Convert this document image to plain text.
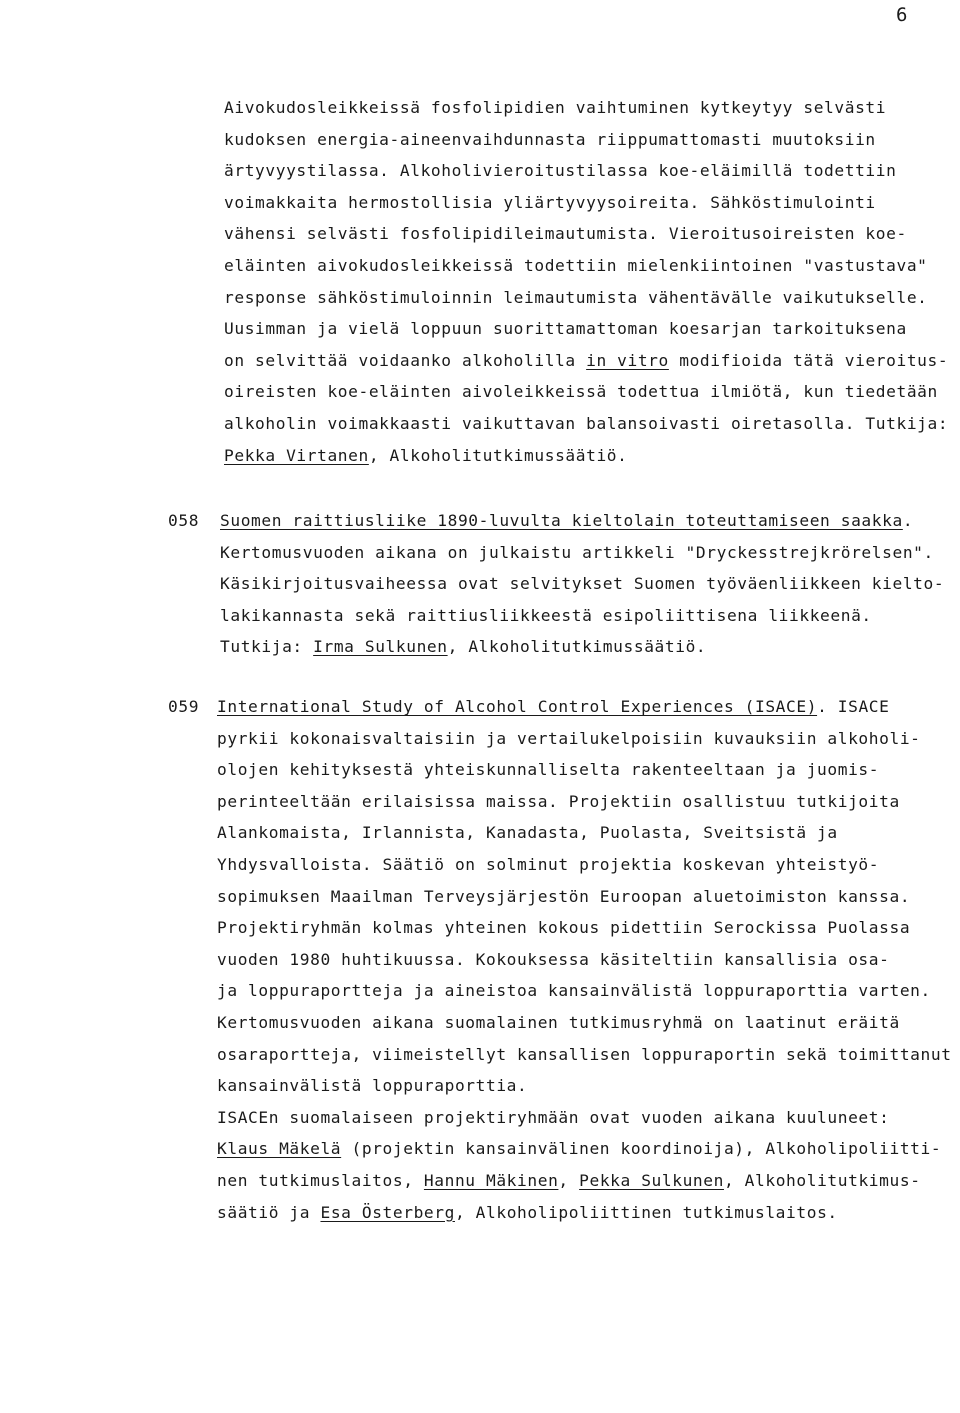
6
Aivokudosleikkeissä fosfolipidien vaihtuminen kytkeytyy selvästi
kudoksen energia-aineenvaihdunnasta riippumattomasti muutoksiin
ärtyvyystilassa. Alkoholivieroitustilassa koe-eläimillä todettiin
voimakkaita hermostollisia yliärtyvyysoireita. Sähköstimulointi
vähensi selvästi fosfolipidileimautumista. Vieroitusoireisten koe-
eläinten aivokudosleikkeissä todettiin mielenkiintoinen "vastustava"
response sähköstimuloinnin leimautumista vähentävälle vaikutukselle.
Uusimman ja vielä loppuun suorittamattoman koesarjan tarkoituksena
on selvittää voidaanko alkoholilla in vitro modifioida tätä vieroitus-
oireisten koe-eläinten aivoleikkeissä todettua ilmiötä, kun tiedetään
alkoholin voimakkaasti vaikuttavan balansoivasti oiretasolla. Tutkija:
Pekka Virtanen, Alkoholitutkimussäätiö.
058 Suomen raittiusliike 1890-luvulta kieltolain toteuttamiseen saakka.
Kertomusvuoden aikana on julkaistu artikkeli "Dryckesstrejkrörelsen".
Käsikirjoitusvaiheessa ovat selvitykset Suomen työväenliikkeen kielto-
lakikannasta sekä raittiusliikkeestä esipoliittisena liikkeenä.
Tutkija: Irma Sulkunen, Alkoholitutkimussäätiö.
059 International Study of Alcohol Control Experiences (ISACE). ISACE
pyrkii kokonaisvaltaisiin ja vertailukelpoisiin kuvauksiin alkoholi-
olojen kehityksestä yhteiskunnalliselta rakenteeltaan ja juomis-
perinteeltään erilaisissa maissa. Projektiin osallistuu tutkijoita
Alankomaista, Irlannista, Kanadasta, Puolasta, Sveitsistä ja
Yhdysvalloista. Säätiö on solminut projektia koskevan yhteistyö-
sopimuksen Maailman Terveysjärjestön Euroopan aluetoimiston kanssa.
Projektiryhmän kolmas yhteinen kokous pidettiin Serockissa Puolassa
vuoden 1980 huhtikuussa. Kokouksessa käsiteltiin kansallisia osa-
ja loppuraportteja ja aineistoa kansainvälistä loppuraporttia varten.
Kertomusvuoden aikana suomalainen tutkimusryhmä on laatinut eräitä
osaraportteja, viimeistellyt kansallisen loppuraportin sekä toimittanut
kansainvälistä loppuraporttia.
ISACEn suomalaiseen projektiryhmään ovat vuoden aikana kuuluneet:
Klaus Mäkelä (projektin kansainvälinen koordinoija), Alkoholipoliitti-
nen tutkimuslaitos, Hannu Mäkinen, Pekka Sulkunen, Alkoholitutkimus-
säätiö ja Esa Österberg, Alkoholipoliittinen tutkimuslaitos.
